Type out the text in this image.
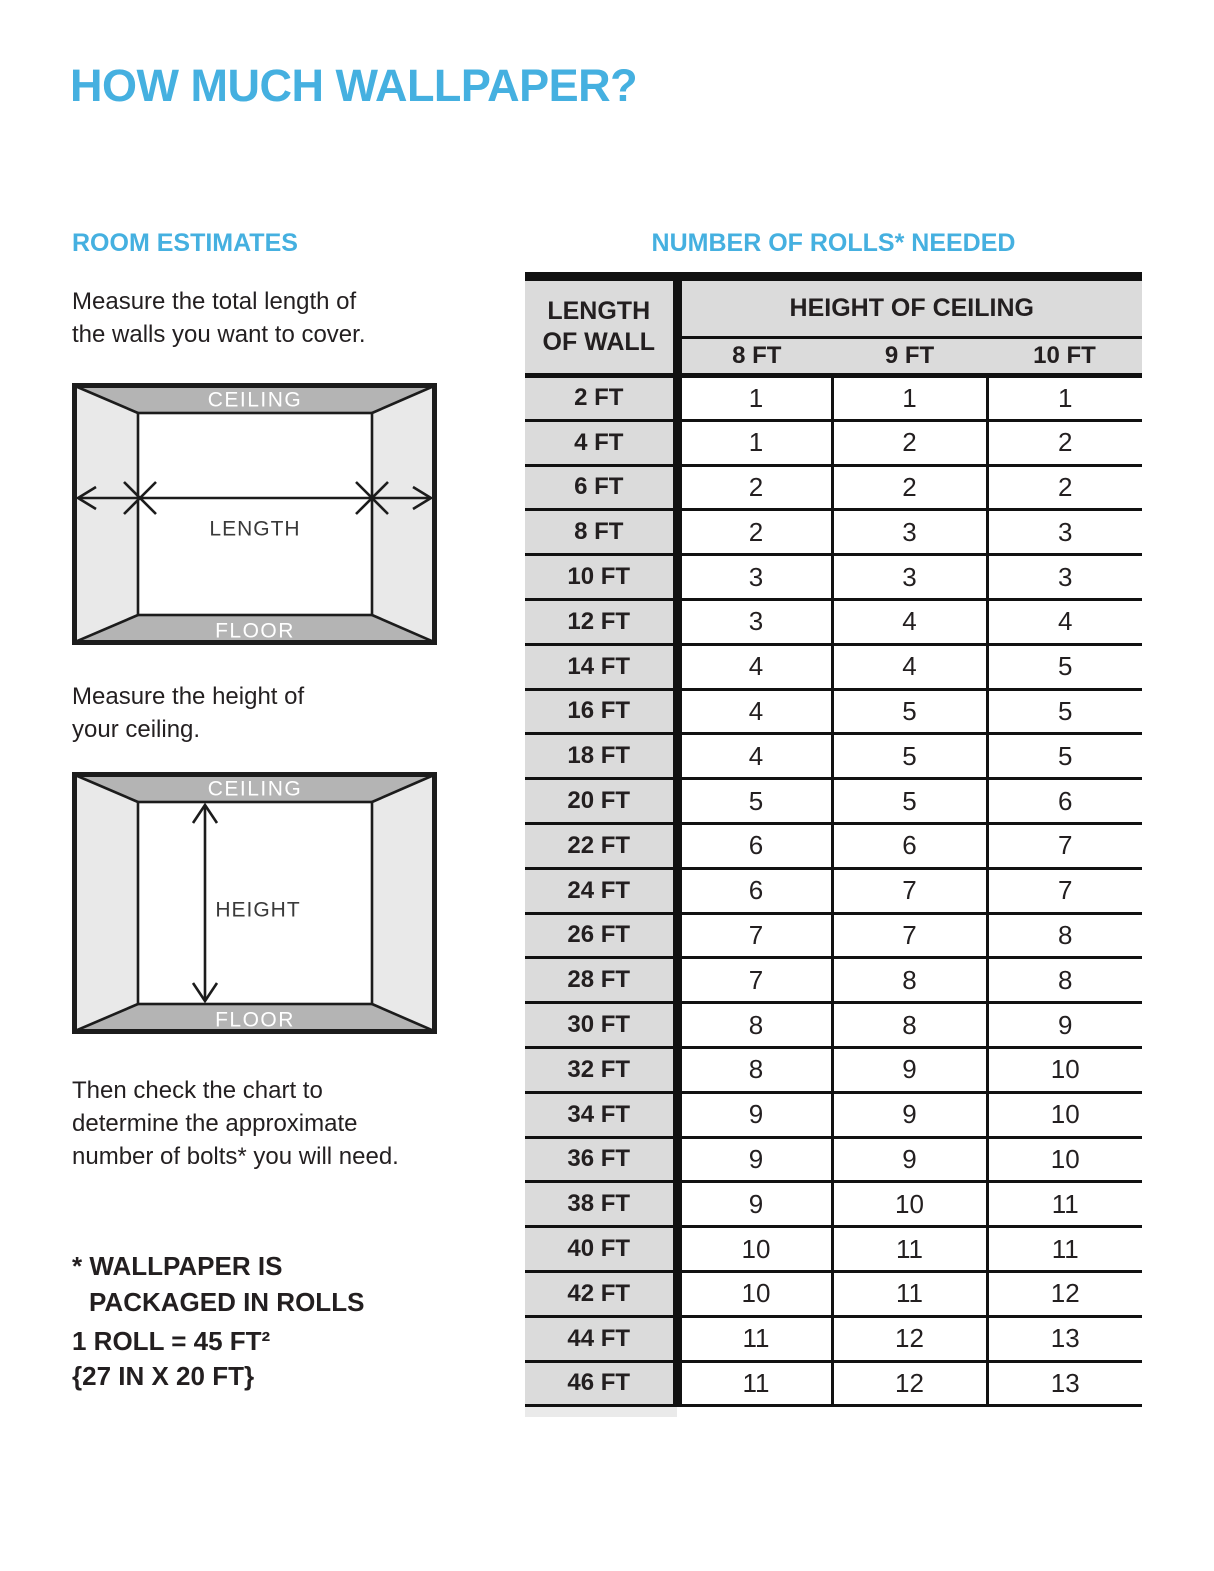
HOW MUCH WALLPAPER?
ROOM ESTIMATES

Measure the total length of
the walls you want to cover.

CEILING
FLOOR
LENGTH

Measure the height of
your ceiling.

CEILING
FLOOR
HEIGHT

Then check the chart to
determine the approximate
number of bolts* you will need.

* WALLPAPER IS
PACKAGED IN ROLLS
1 ROLL = 45 FT²
{27 IN X 20 FT}
NUMBER OF ROLLS* NEEDED
LENGTH
OF WALL	HEIGHT OF CEILING		
	8 FT	9 FT	10 FT
2 FT	1	1	1
4 FT	1	2	2
6 FT	2	2	2
8 FT	2	3	3
10 FT	3	3	3
12 FT	3	4	4
14 FT	4	4	5
16 FT	4	5	5
18 FT	4	5	5
20 FT	5	5	6
22 FT	6	6	7
24 FT	6	7	7
26 FT	7	7	8
28 FT	7	8	8
30 FT	8	8	9
32 FT	8	9	10
34 FT	9	9	10
36 FT	9	9	10
38 FT	9	10	11
40 FT	10	11	11
42 FT	10	11	12
44 FT	11	12	13
46 FT	11	12	13
